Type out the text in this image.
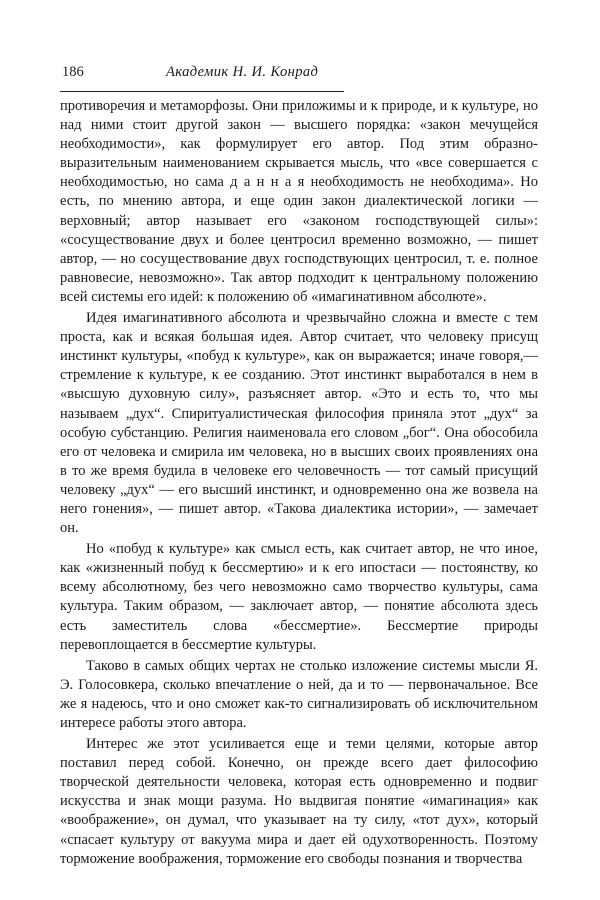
186	Академик Н. И. Конрад

противоречия и метаморфозы. Они приложимы и к природе, и к культуре, но над ними стоит другой закон — высшего порядка: «закон мечущейся необходимости», как формулирует его автор. Под этим образно-выразительным наименованием скрывается мысль, что «все совершается с необходимостью, но сама д а н н а я необходимость не необходима». Но есть, по мнению автора, и еще один закон диалектической логики — верховный; автор называет его «законом господствующей силы»: «сосуществование двух и более центросил временно возможно, — пишет автор, — но сосуществование двух господствующих центросил, т. е. полное равновесие, невозможно». Так автор подходит к центральному положению всей системы его идей: к положению об «имагинативном абсолюте».

Идея имагинативного абсолюта и чрезвычайно сложна и вместе с тем проста, как и всякая большая идея. Автор считает, что человеку присущ инстинкт культуры, «побуд к культуре», как он выражается; иначе говоря,— стремление к культуре, к ее созданию. Этот инстинкт выработался в нем в «высшую духовную силу», разъясняет автор. «Это и есть то, что мы называем „дух“. Спиритуалистическая философия приняла этот „дух“ за особую субстанцию. Религия наименовала его словом „бог“. Она обособила его от человека и смирила им человека, но в высших своих проявлениях она в то же время будила в человеке его человечность — тот самый присущий человеку „дух“ — его высший инстинкт, и одновременно она же возвела на него гонения», — пишет автор. «Такова диалектика истории», — замечает он.

Но «побуд к культуре» как смысл есть, как считает автор, не что иное, как «жизненный побуд к бессмертию» и к его ипостаси — постоянству, ко всему абсолютному, без чего невозможно само творчество культуры, сама культура. Таким образом, — заключает автор, — понятие абсолюта здесь есть заместитель слова «бессмертие». Бессмертие природы перевоплощается в бессмертие культуры.

Таково в самых общих чертах не столько изложение системы мысли Я. Э. Голосовкера, сколько впечатление о ней, да и то — первоначальное. Все же я надеюсь, что и оно сможет как-то сигнализировать об исключительном интересе работы этого автора.

Интерес же этот усиливается еще и теми целями, которые автор поставил перед собой. Конечно, он прежде всего дает философию творческой деятельности человека, которая есть одновременно и подвиг искусства и знак мощи разума. Но выдвигая понятие «имагинация» как «воображение», он думал, что указывает на ту силу, «тот дух», который «спасает культуру от вакуума мира и дает ей одухотворенность. Поэтому торможение воображения, торможение его свободы познания и творчества
